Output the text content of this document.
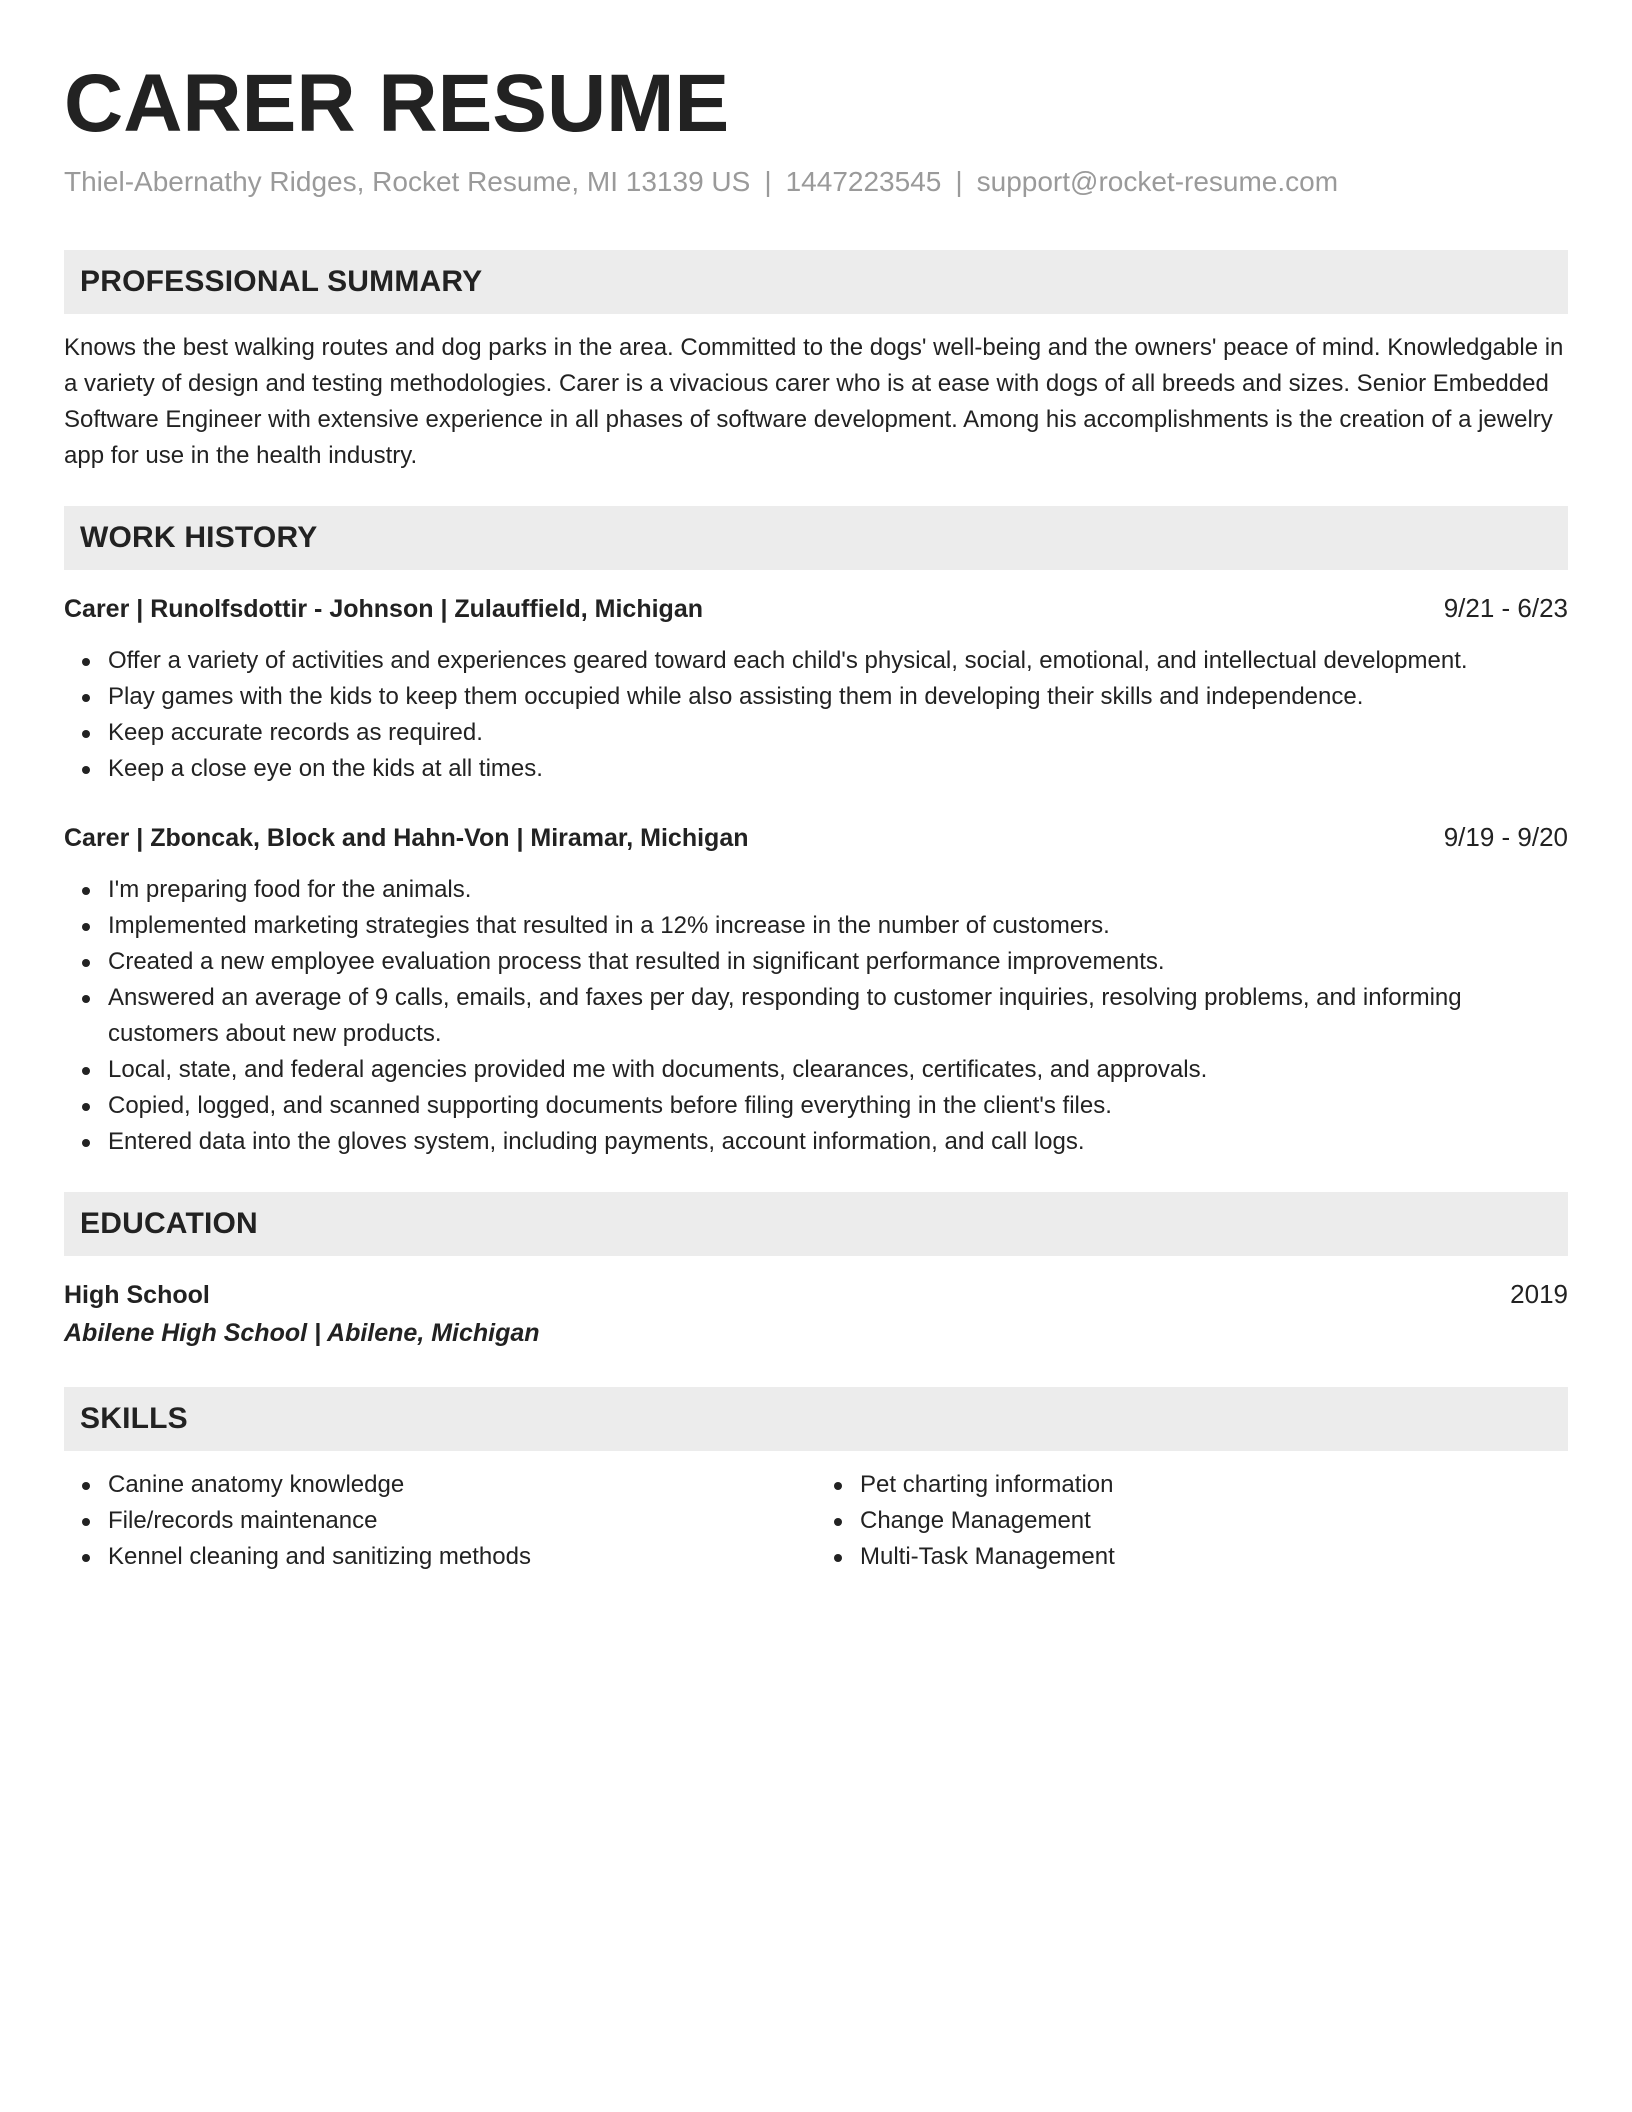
CARER RESUME
Thiel-Abernathy Ridges, Rocket Resume, MI 13139 US | 1447223545 | support@rocket-resume.com
PROFESSIONAL SUMMARY

Knows the best walking routes and dog parks in the area. Committed to the dogs' well-being and the owners' peace of mind. Knowledgable in a variety of design and testing methodologies. Carer is a vivacious carer who is at ease with dogs of all breeds and sizes. Senior Embedded Software Engineer with extensive experience in all phases of software development. Among his accomplishments is the creation of a jewelry app for use in the health industry.

WORK HISTORY
Carer | Runolfsdottir - Johnson | Zulauffield, Michigan	9/21 - 6/23
Offer a variety of activities and experiences geared toward each child's physical, social, emotional, and intellectual development.
Play games with the kids to keep them occupied while also assisting them in developing their skills and independence.
Keep accurate records as required.
Keep a close eye on the kids at all times.
Carer | Zboncak, Block and Hahn-Von | Miramar, Michigan	9/19 - 9/20
I'm preparing food for the animals.
Implemented marketing strategies that resulted in a 12% increase in the number of customers.
Created a new employee evaluation process that resulted in significant performance improvements.
Answered an average of 9 calls, emails, and faxes per day, responding to customer inquiries, resolving problems, and informing customers about new products.
Local, state, and federal agencies provided me with documents, clearances, certificates, and approvals.
Copied, logged, and scanned supporting documents before filing everything in the client's files.
Entered data into the gloves system, including payments, account information, and call logs.
EDUCATION
High School	2019
Abilene High School | Abilene, Michigan
SKILLS
Canine anatomy knowledge
File/records maintenance
Kennel cleaning and sanitizing methods
Pet charting information
Change Management
Multi-Task Management
